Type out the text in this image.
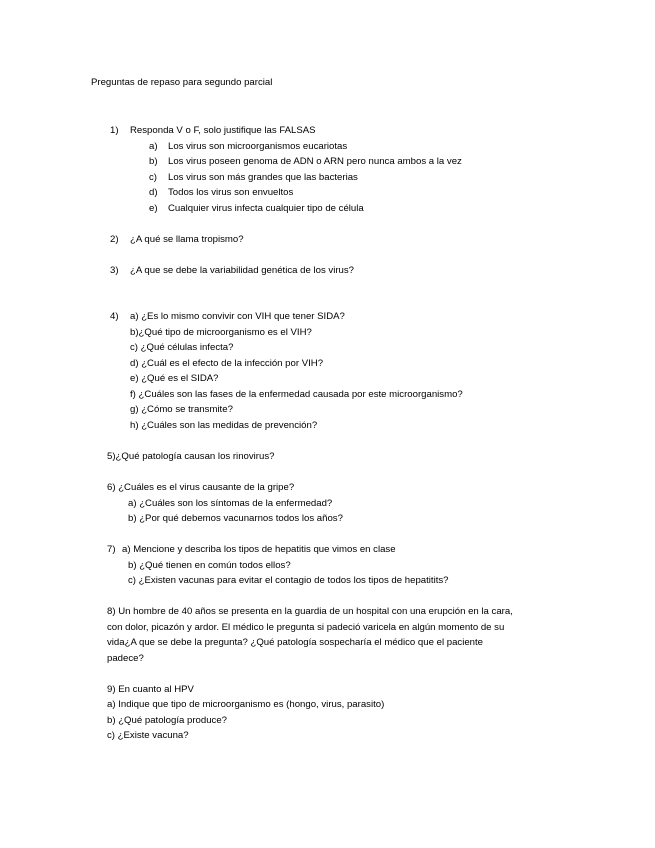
Preguntas de repaso para segundo parcial
1) Responda V o F, solo justifique las FALSAS
a) Los virus son microorganismos eucariotas
b) Los virus poseen genoma de ADN o ARN pero nunca ambos a la vez
c) Los virus son más grandes que las bacterias
d) Todos los virus son envueltos
e) Cualquier virus infecta cualquier tipo de célula
2) ¿A qué se llama tropismo?
3) ¿A que se debe la variabilidad genética de los virus?
4) a) ¿Es lo mismo convivir con VIH que tener SIDA?
b)¿Qué tipo de microorganismo es el VIH?
c) ¿Qué células infecta?
d) ¿Cuál es el efecto de la infección por VIH?
e) ¿Qué es el SIDA?
f) ¿Cuáles son las fases de la enfermedad causada por este microorganismo?
g) ¿Cómo se transmite?
h) ¿Cuáles son las medidas de prevención?
5)¿Qué patología causan los rinovirus?
6) ¿Cuáles es el virus causante de la gripe?
a) ¿Cuáles son los síntomas de la enfermedad?
b) ¿Por qué debemos vacunarnos todos los años?
7) a) Mencione y describa los tipos de hepatitis que vimos en clase
b) ¿Qué tienen en común todos ellos?
c) ¿Existen vacunas para evitar el contagio de todos los tipos de hepatitits?
8) Un hombre de 40 años se presenta en la guardia de un hospital con una erupción en la cara,
con dolor, picazón y ardor. El médico le pregunta si padeció varicela en algún momento de su
vida¿A que se debe la pregunta? ¿Qué patología sospecharía el médico que el paciente
padece?
9) En cuanto al HPV
a) Indique que tipo de microorganismo es (hongo, virus, parasito)
b) ¿Qué patología produce?
c) ¿Existe vacuna?
